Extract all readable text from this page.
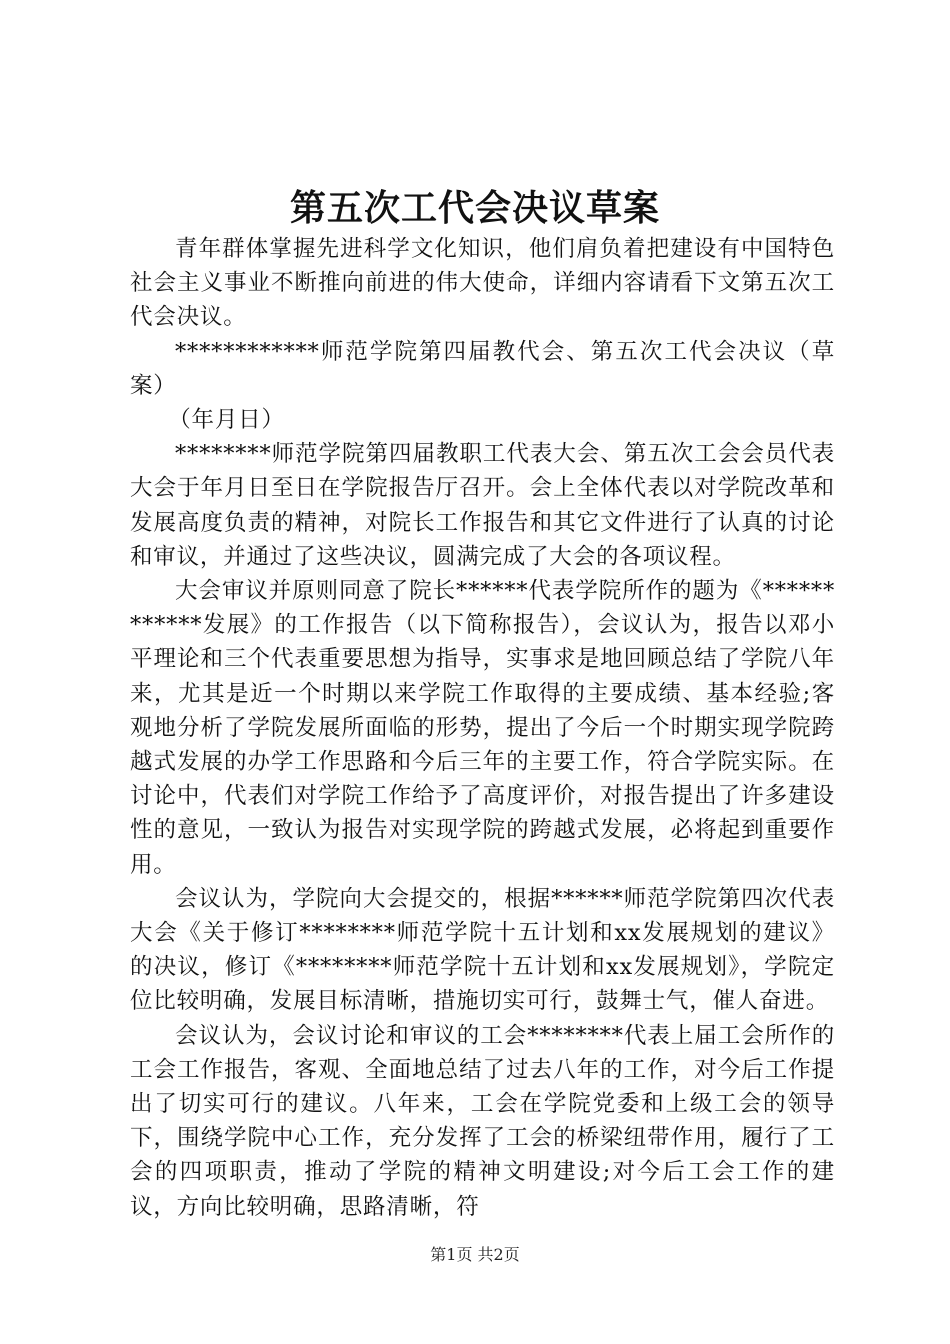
第五次工代会决议草案

青年群体掌握先进科学文化知识，他们肩负着把建设有中国特色社会主义事业不断推向前进的伟大使命，详细内容请看下文第五次工代会决议。

************师范学院第四届教代会、第五次工代会决议（草案）

（年月日）

********师范学院第四届教职工代表大会、第五次工会会员代表大会于年月日至日在学院报告厅召开。会上全体代表以对学院改革和发展高度负责的精神，对院长工作报告和其它文件进行了认真的讨论和审议，并通过了这些决议，圆满完成了大会的各项议程。

大会审议并原则同意了院长******代表学院所作的题为《************发展》的工作报告（以下简称报告），会议认为，报告以邓小平理论和三个代表重要思想为指导，实事求是地回顾总结了学院八年来，尤其是近一个时期以来学院工作取得的主要成绩、基本经验;客观地分析了学院发展所面临的形势，提出了今后一个时期实现学院跨越式发展的办学工作思路和今后三年的主要工作，符合学院实际。在讨论中，代表们对学院工作给予了高度评价，对报告提出了许多建设性的意见，一致认为报告对实现学院的跨越式发展，必将起到重要作用。

会议认为，学院向大会提交的，根据******师范学院第四次代表大会《关于修订********师范学院十五计划和xx发展规划的建议》的决议，修订《********师范学院十五计划和xx发展规划》，学院定位比较明确，发展目标清晰，措施切实可行，鼓舞士气，催人奋进。

会议认为，会议讨论和审议的工会********代表上届工会所作的工会工作报告，客观、全面地总结了过去八年的工作，对今后工作提出了切实可行的建议。八年来，工会在学院党委和上级工会的领导下，围绕学院中心工作，充分发挥了工会的桥梁纽带作用，履行了工会的四项职责，推动了学院的精神文明建设;对今后工会工作的建议，方向比较明确，思路清晰，符

第1页 共2页
